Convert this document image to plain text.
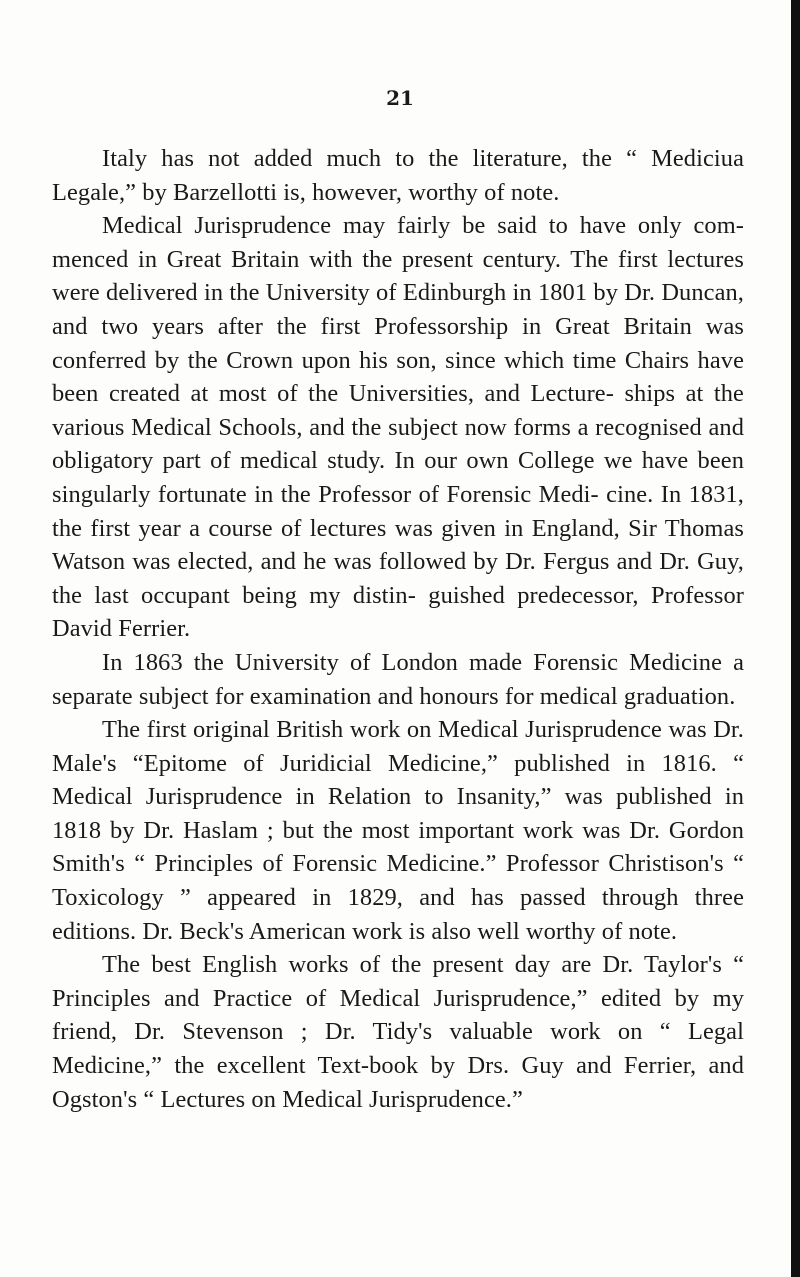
21

Italy has not added much to the literature, the “ Mediciua Legale,” by Barzellotti is, however, worthy of note.

Medical Jurisprudence may fairly be said to have only com- menced in Great Britain with the present century. The first lectures were delivered in the University of Edinburgh in 1801 by Dr. Duncan, and two years after the first Professorship in Great Britain was conferred by the Crown upon his son, since which time Chairs have been created at most of the Universities, and Lecture- ships at the various Medical Schools, and the subject now forms a recognised and obligatory part of medical study. In our own College we have been singularly fortunate in the Professor of Forensic Medi- cine. In 1831, the first year a course of lectures was given in England, Sir Thomas Watson was elected, and he was followed by Dr. Fergus and Dr. Guy, the last occupant being my distin- guished predecessor, Professor David Ferrier.

In 1863 the University of London made Forensic Medicine a separate subject for examination and honours for medical graduation.

The first original British work on Medical Jurisprudence was Dr. Male's “Epitome of Juridicial Medicine,” published in 1816. “ Medical Jurisprudence in Relation to Insanity,” was published in 1818 by Dr. Haslam ; but the most important work was Dr. Gordon Smith's “ Principles of Forensic Medicine.” Professor Christison's “ Toxicology ” appeared in 1829, and has passed through three editions. Dr. Beck's American work is also well worthy of note.

The best English works of the present day are Dr. Taylor's “ Principles and Practice of Medical Jurisprudence,” edited by my friend, Dr. Stevenson ; Dr. Tidy's valuable work on “ Legal Medicine,” the excellent Text-book by Drs. Guy and Ferrier, and Ogston's “ Lectures on Medical Jurisprudence.”
